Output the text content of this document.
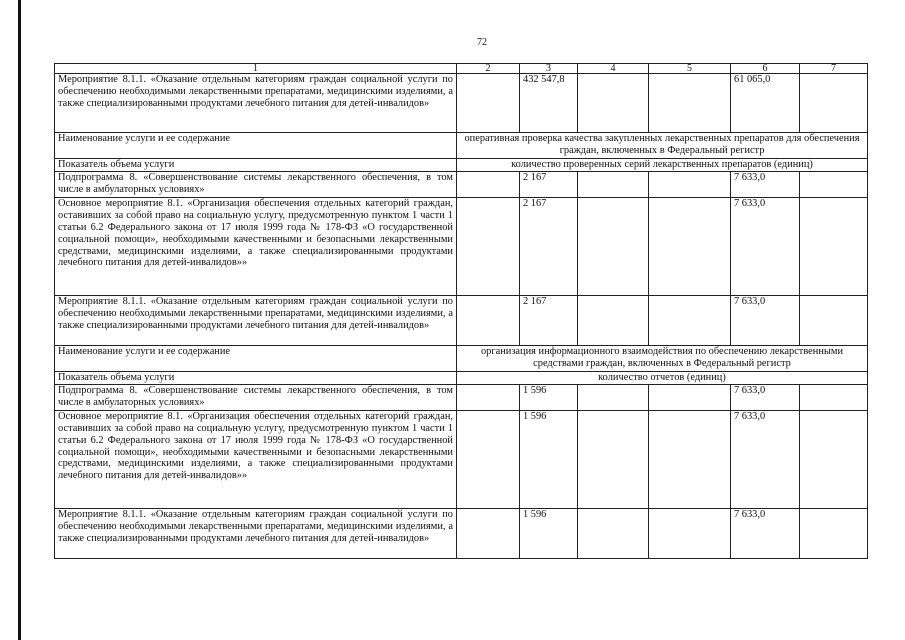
72
1	2	3	4	5	6	7
Мероприятие 8.1.1. «Оказание отдельным категориям граждан социальной услуги по обеспечению необходимыми лекарственными препаратами, медицинскими изделиями, а также специализированными продуктами лечебного питания для детей-инвалидов»		432 547,8			61 065,0	
Наименование услуги и ее содержание	оперативная проверка качества закупленных лекарственных препаратов для обеспечения граждан, включенных в Федеральный регистр					
Показатель объема услуги	количество проверенных серий лекарственных препаратов (единиц)					
Подпрограмма 8. «Совершенствование системы лекарственного обеспечения, в том числе в амбулаторных условиях»		2 167			7 633,0	
Основное мероприятие 8.1. «Организация обеспечения отдельных категорий граждан, оставивших за собой право на социальную услугу, предусмотренную пунктом 1 части 1 статьи 6.2 Федерального закона от 17 июля 1999 года № 178-ФЗ «О государственной социальной помощи», необходимыми качественными и безопасными лекарственными средствами, медицинскими изделиями, а также специализированными продуктами лечебного питания для детей-инвалидов»»		2 167			7 633,0	
Мероприятие 8.1.1. «Оказание отдельным категориям граждан социальной услуги по обеспечению необходимыми лекарственными препаратами, медицинскими изделиями, а также специализированными продуктами лечебного питания для детей-инвалидов»		2 167			7 633,0	
Наименование услуги и ее содержание	организация информационного взаимодействия по обеспечению лекарственными средствами граждан, включенных в Федеральный регистр					
Показатель объема услуги	количество отчетов (единиц)					
Подпрограмма 8. «Совершенствование системы лекарственного обеспечения, в том числе в амбулаторных условиях»		1 596			7 633,0	
Основное мероприятие 8.1. «Организация обеспечения отдельных категорий граждан, оставивших за собой право на социальную услугу, предусмотренную пунктом 1 части 1 статьи 6.2 Федерального закона от 17 июля 1999 года № 178-ФЗ «О государственной социальной помощи», необходимыми качественными и безопасными лекарственными средствами, медицинскими изделиями, а также специализированными продуктами лечебного питания для детей-инвалидов»»		1 596			7 633,0	
Мероприятие 8.1.1. «Оказание отдельным категориям граждан социальной услуги по обеспечению необходимыми лекарственными препаратами, медицинскими изделиями, а также специализированными продуктами лечебного питания для детей-инвалидов»		1 596			7 633,0	
